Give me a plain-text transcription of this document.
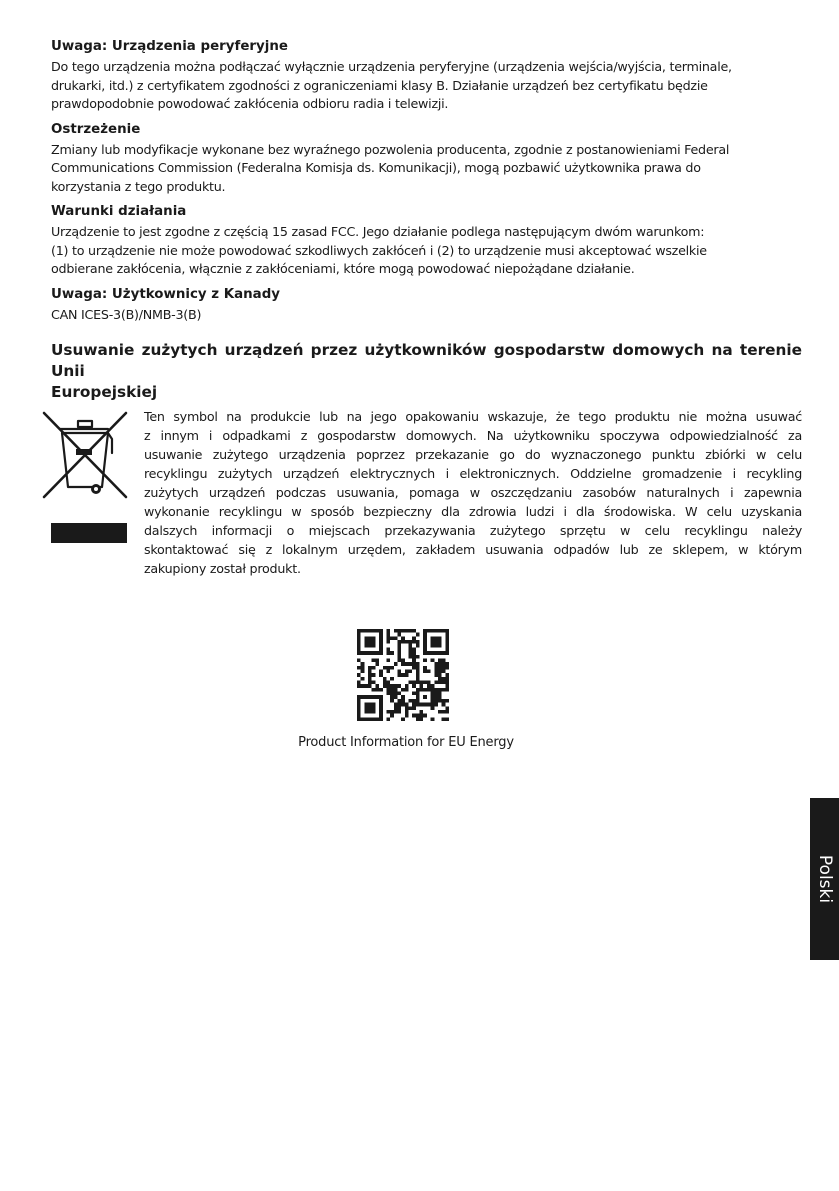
Uwaga: Urządzenia peryferyjne

Do tego urządzenia można podłączać wyłącznie urządzenia peryferyjne (urządzenia wejścia/wyjścia, terminale,
drukarki, itd.) z certyfikatem zgodności z ograniczeniami klasy B. Działanie urządzeń bez certyfikatu będzie
prawdopodobnie powodować zakłócenia odbioru radia i telewizji.

Ostrzeżenie

Zmiany lub modyfikacje wykonane bez wyraźnego pozwolenia producenta, zgodnie z postanowieniami Federal
Communications Commission (Federalna Komisja ds. Komunikacji), mogą pozbawić użytkownika prawa do
korzystania z tego produktu.

Warunki działania

Urządzenie to jest zgodne z częścią 15 zasad FCC. Jego działanie podlega następującym dwóm warunkom:
(1) to urządzenie nie może powodować szkodliwych zakłóceń i (2) to urządzenie musi akceptować wszelkie
odbierane zakłócenia, włącznie z zakłóceniami, które mogą powodować niepożądane działanie.

Uwaga: Użytkownicy z Kanady

CAN ICES-3(B)/NMB-3(B)

Usuwanie zużytych urządzeń przez użytkowników gospodarstw domowych na terenie Unii
Europejskiej

Ten symbol na produkcie lub na jego opakowaniu wskazuje, że tego produktu nie można usuwać
z innym i odpadkami z gospodarstw domowych. Na użytkowniku spoczywa odpowiedzialność za
usuwanie zużytego urządzenia poprzez przekazanie go do wyznaczonego punktu zbiórki w celu
recyklingu zużytych urządzeń elektrycznych i elektronicznych. Oddzielne gromadzenie i recykling
zużytych urządzeń podczas usuwania, pomaga w oszczędzaniu zasobów naturalnych i zapewnia
wykonanie recyklingu w sposób bezpieczny dla zdrowia ludzi i dla środowiska. W celu uzyskania
dalszych informacji o miejscach przekazywania zużytego sprzętu w celu recyklingu należy
skontaktować się z lokalnym urzędem, zakładem usuwania odpadów lub ze sklepem, w którym
zakupiony został produkt.
Product Information for EU Energy
Polski
